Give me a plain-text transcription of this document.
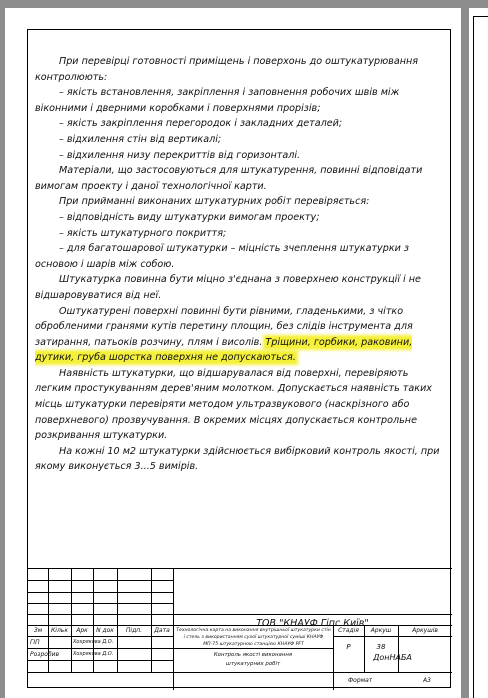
При перевірці готовності приміщень і поверхонь до оштукатурювання контролюють:

– якість встановлення, закріплення і заповнення робочих швів між віконними і дверними коробками і поверхнями прорізів;

– якість закріплення перегородок і закладних деталей;

– відхилення стін від вертикалі;

– відхилення низу перекриттів від горизонталі.

Матеріали, що застосовуються для штукатурення, повинні відповідати вимогам проекту і даної технологічної карти.

При прийманні виконаних штукатурних робіт перевіряється:

– відповідність виду штукатурки вимогам проекту;

– якість штукатурного покриття;

– для багатошарової штукатурки – міцність зчеплення штукатурки з основою і шарів між собою.

Штукатурка повинна бути міцно з'єднана з поверхнею конструкції і не відшаровуватися від неї.

Оштукатурені поверхні повинні бути рівними, гладенькими, з чітко обробленими гранями кутів перетину площин, без слідів інструмента для затирання, патьоків розчину, плям і висолів. Тріщини, горбики, раковини, дутики, груба шорстка поверхня не допускаються.

Наявність штукатурки, що відшарувалася від поверхні, перевіряють легким простукуванням дерев'яним молотком. Допускається наявність таких місць штукатурки перевіряти методом ультразвукового (наскрізного або поверхневого) прозвучування. В окремих місцях допускається контрольне розкривання штукатурки.

На кожні 10 м2 штукатурки здійснюється вибірковий контроль якості, при якому виконується 3...5 вимірів.

ТОВ "КНАУФ Гіпс Київ"
Зм	Кільк	Арк	N док	Підп.	Дата
ГІП	Хохрякова Д.О.
Розробив	Хохрякова Д.О.
Технологічна карта на виконання внутрішньої штукатурки стін і стель з використанням сухої штукатурної суміші КНАУФ МП-75 штукатурною станцією КНАУФ PFT
Контроль якості виконання штукатурних робіт
Стадія	Аркуш	Аркушів
Р	38
ДонНАБА
Формат	А3
